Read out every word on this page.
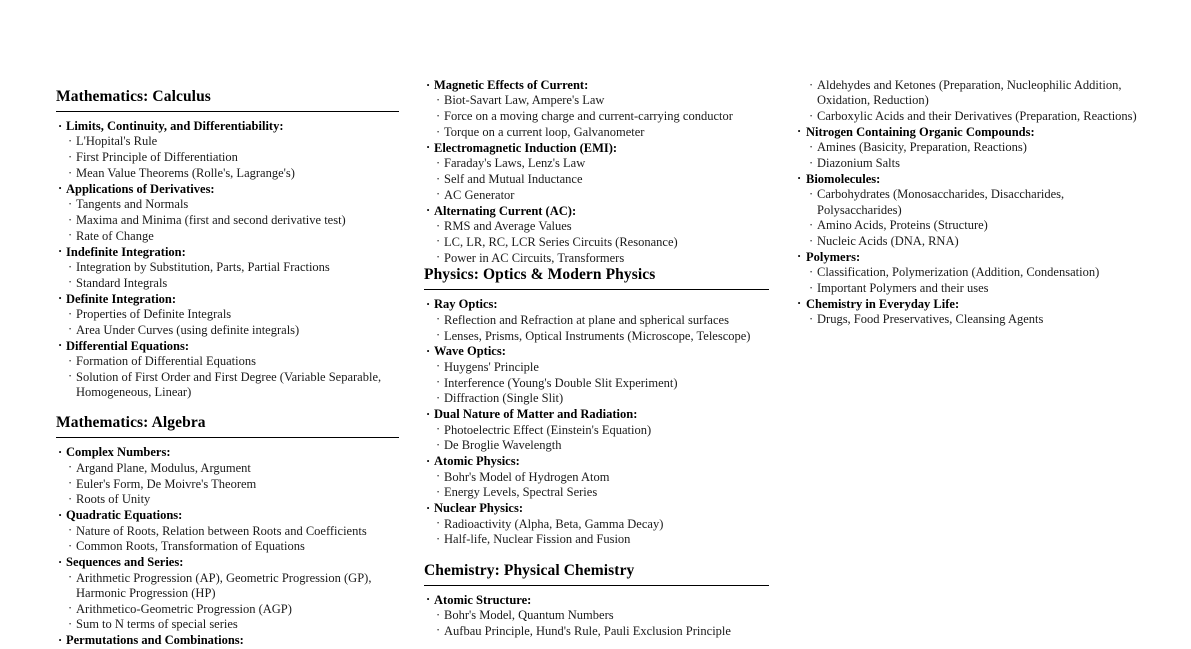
Mathematics: Calculus
· Limits, Continuity, and Differentiability:
· L'Hopital's Rule
· First Principle of Differentiation
· Mean Value Theorems (Rolle's, Lagrange's)
· Applications of Derivatives:
· Tangents and Normals
· Maxima and Minima (first and second derivative test)
· Rate of Change
· Indefinite Integration:
· Integration by Substitution, Parts, Partial Fractions
· Standard Integrals
· Definite Integration:
· Properties of Definite Integrals
· Area Under Curves (using definite integrals)
· Differential Equations:
· Formation of Differential Equations
· Solution of First Order and First Degree (Variable Separable, Homogeneous, Linear)
Mathematics: Algebra
· Complex Numbers:
· Argand Plane, Modulus, Argument
· Euler's Form, De Moivre's Theorem
· Roots of Unity
· Quadratic Equations:
· Nature of Roots, Relation between Roots and Coefficients
· Common Roots, Transformation of Equations
· Sequences and Series:
· Arithmetic Progression (AP), Geometric Progression (GP), Harmonic Progression (HP)
· Arithmetico-Geometric Progression (AGP)
· Sum to N terms of special series
· Permutations and Combinations:
· Magnetic Effects of Current:
· Biot-Savart Law, Ampere's Law
· Force on a moving charge and current-carrying conductor
· Torque on a current loop, Galvanometer
· Electromagnetic Induction (EMI):
· Faraday's Laws, Lenz's Law
· Self and Mutual Inductance
· AC Generator
· Alternating Current (AC):
· RMS and Average Values
· LC, LR, RC, LCR Series Circuits (Resonance)
· Power in AC Circuits, Transformers
Physics: Optics & Modern Physics
· Ray Optics:
· Reflection and Refraction at plane and spherical surfaces
· Lenses, Prisms, Optical Instruments (Microscope, Telescope)
· Wave Optics:
· Huygens' Principle
· Interference (Young's Double Slit Experiment)
· Diffraction (Single Slit)
· Dual Nature of Matter and Radiation:
· Photoelectric Effect (Einstein's Equation)
· De Broglie Wavelength
· Atomic Physics:
· Bohr's Model of Hydrogen Atom
· Energy Levels, Spectral Series
· Nuclear Physics:
· Radioactivity (Alpha, Beta, Gamma Decay)
· Half-life, Nuclear Fission and Fusion
Chemistry: Physical Chemistry
· Atomic Structure:
· Bohr's Model, Quantum Numbers
· Aufbau Principle, Hund's Rule, Pauli Exclusion Principle
· Aldehydes and Ketones (Preparation, Nucleophilic Addition, Oxidation, Reduction)
· Carboxylic Acids and their Derivatives (Preparation, Reactions)
· Nitrogen Containing Organic Compounds:
· Amines (Basicity, Preparation, Reactions)
· Diazonium Salts
· Biomolecules:
· Carbohydrates (Monosaccharides, Disaccharides, Polysaccharides)
· Amino Acids, Proteins (Structure)
· Nucleic Acids (DNA, RNA)
· Polymers:
· Classification, Polymerization (Addition, Condensation)
· Important Polymers and their uses
· Chemistry in Everyday Life:
· Drugs, Food Preservatives, Cleansing Agents
